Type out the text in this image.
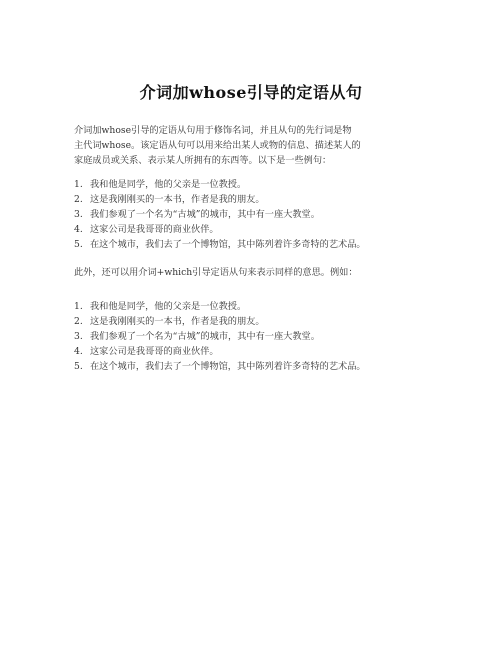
介词加whose引导的定语从句

介词加whose引导的定语从句用于修饰名词，并且从句的先行词是物
主代词whose。该定语从句可以用来给出某人或物的信息、描述某人的
家庭成员或关系、表示某人所拥有的东西等。以下是一些例句：

1. 我和他是同学，他的父亲是一位教授。
2. 这是我刚刚买的一本书，作者是我的朋友。
3. 我们参观了一个名为“古城”的城市，其中有一座大教堂。
4. 这家公司是我哥哥的商业伙伴。
5. 在这个城市，我们去了一个博物馆，其中陈列着许多奇特的艺术品。

此外，还可以用介词+which引导定语从句来表示同样的意思。例如：

1. 我和他是同学，他的父亲是一位教授。
2. 这是我刚刚买的一本书，作者是我的朋友。
3. 我们参观了一个名为“古城”的城市，其中有一座大教堂。
4. 这家公司是我哥哥的商业伙伴。
5. 在这个城市，我们去了一个博物馆，其中陈列着许多奇特的艺术品。
